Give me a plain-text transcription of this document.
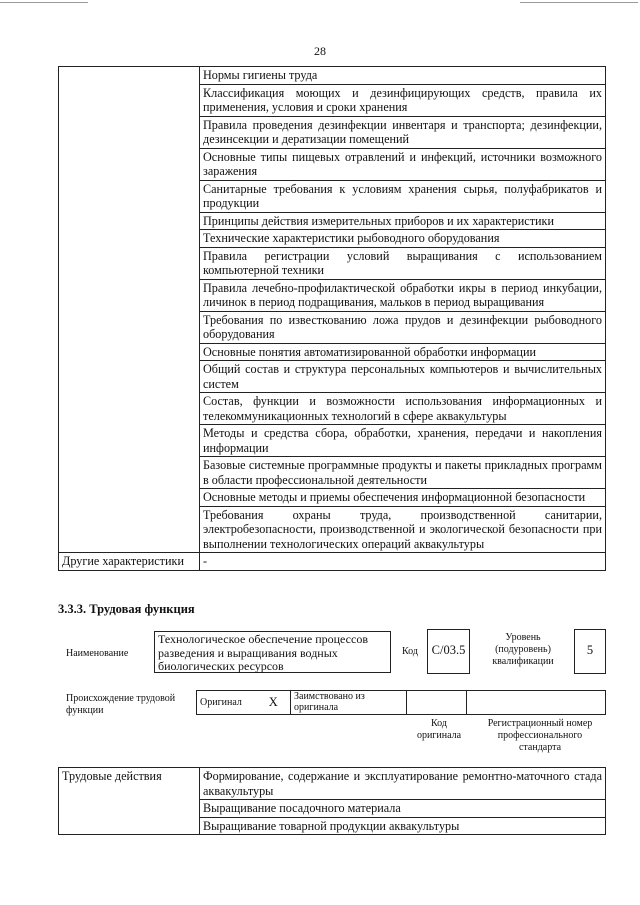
28
	Нормы гигиены труда
	Классификация моющих и дезинфицирующих средств, правила их применения, условия и сроки хранения
	Правила проведения дезинфекции инвентаря и транспорта; дезинфекции, дезинсекции и дератизации помещений
	Основные типы пищевых отравлений и инфекций, источники возможного заражения
	Санитарные требования к условиям хранения сырья, полуфабрикатов и продукции
	Принципы действия измерительных приборов и их характеристики
	Технические характеристики рыбоводного оборудования
	Правила регистрации условий выращивания с использованием компьютерной техники
	Правила лечебно-профилактической обработки икры в период инкубации, личинок в период подращивания, мальков в период выращивания
	Требования по известкованию ложа прудов и дезинфекции рыбоводного оборудования
	Основные понятия автоматизированной обработки информации
	Общий состав и структура персональных компьютеров и вычислительных систем
	Состав, функции и возможности использования информационных и телекоммуникационных технологий в сфере аквакультуры
	Методы и средства сбора, обработки, хранения, передачи и накопления информации
	Базовые системные программные продукты и пакеты прикладных программ в области профессиональной деятельности
	Основные методы и приемы обеспечения информационной безопасности
	Требования охраны труда, производственной санитарии, электробезопасности, производственной и экологической безопасности при выполнении технологических операций аквакультуры
Другие характеристики	-
3.3.3. Трудовая функция
Наименование
Технологическое обеспечение процессов разведения и выращивания водных биологических ресурсов
Код	С/03.5
Уровень (подуровень) квалификации
5
Происхождение трудовой функции
Оригинал	X	Заимствовано из оригинала		
Код оригинала
Регистрационный номер профессионального стандарта
Трудовые действия	Формирование, содержание и эксплуатирование ремонтно-маточного стада аквакультуры
Выращивание посадочного материала
Выращивание товарной продукции аквакультуры
